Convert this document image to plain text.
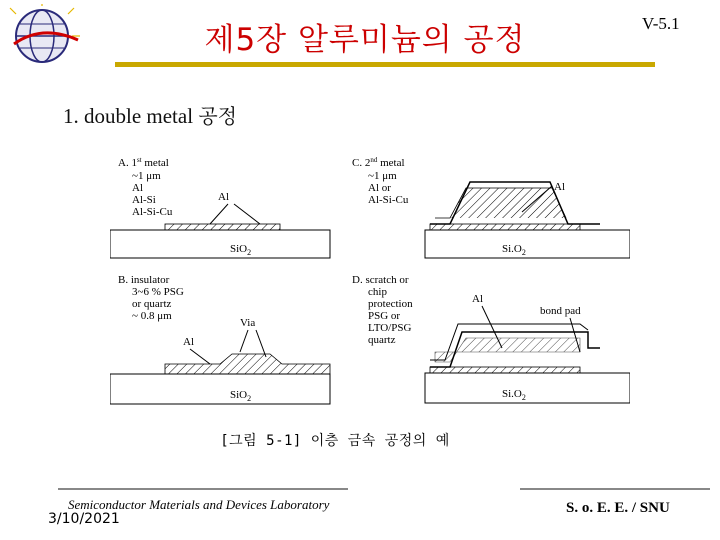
제5장 알루미늄의 공정	V-5.1
1. double metal 공정
A. 1st metal
~1 μm
Al
Al-Si
Al-Si-Cu
Al
SiO$_2$
C. 2nd metal
~1 μm
Al or
Al-Si-Cu
Al
$Si.O_2$
B. insulator
3~6 % PSG
or quartz
~ 0.8 μm
Via
Al
SiO$_2$
D. scratch or
chip
protection
PSG or
LTO/PSG
quartz
Al
bond pad
$Si.O_2$
[그림 5-1] 이층 금속 공정의 예
Semiconductor Materials and Devices Laboratory
3/10/2021
S. o. E. E. / SNU
